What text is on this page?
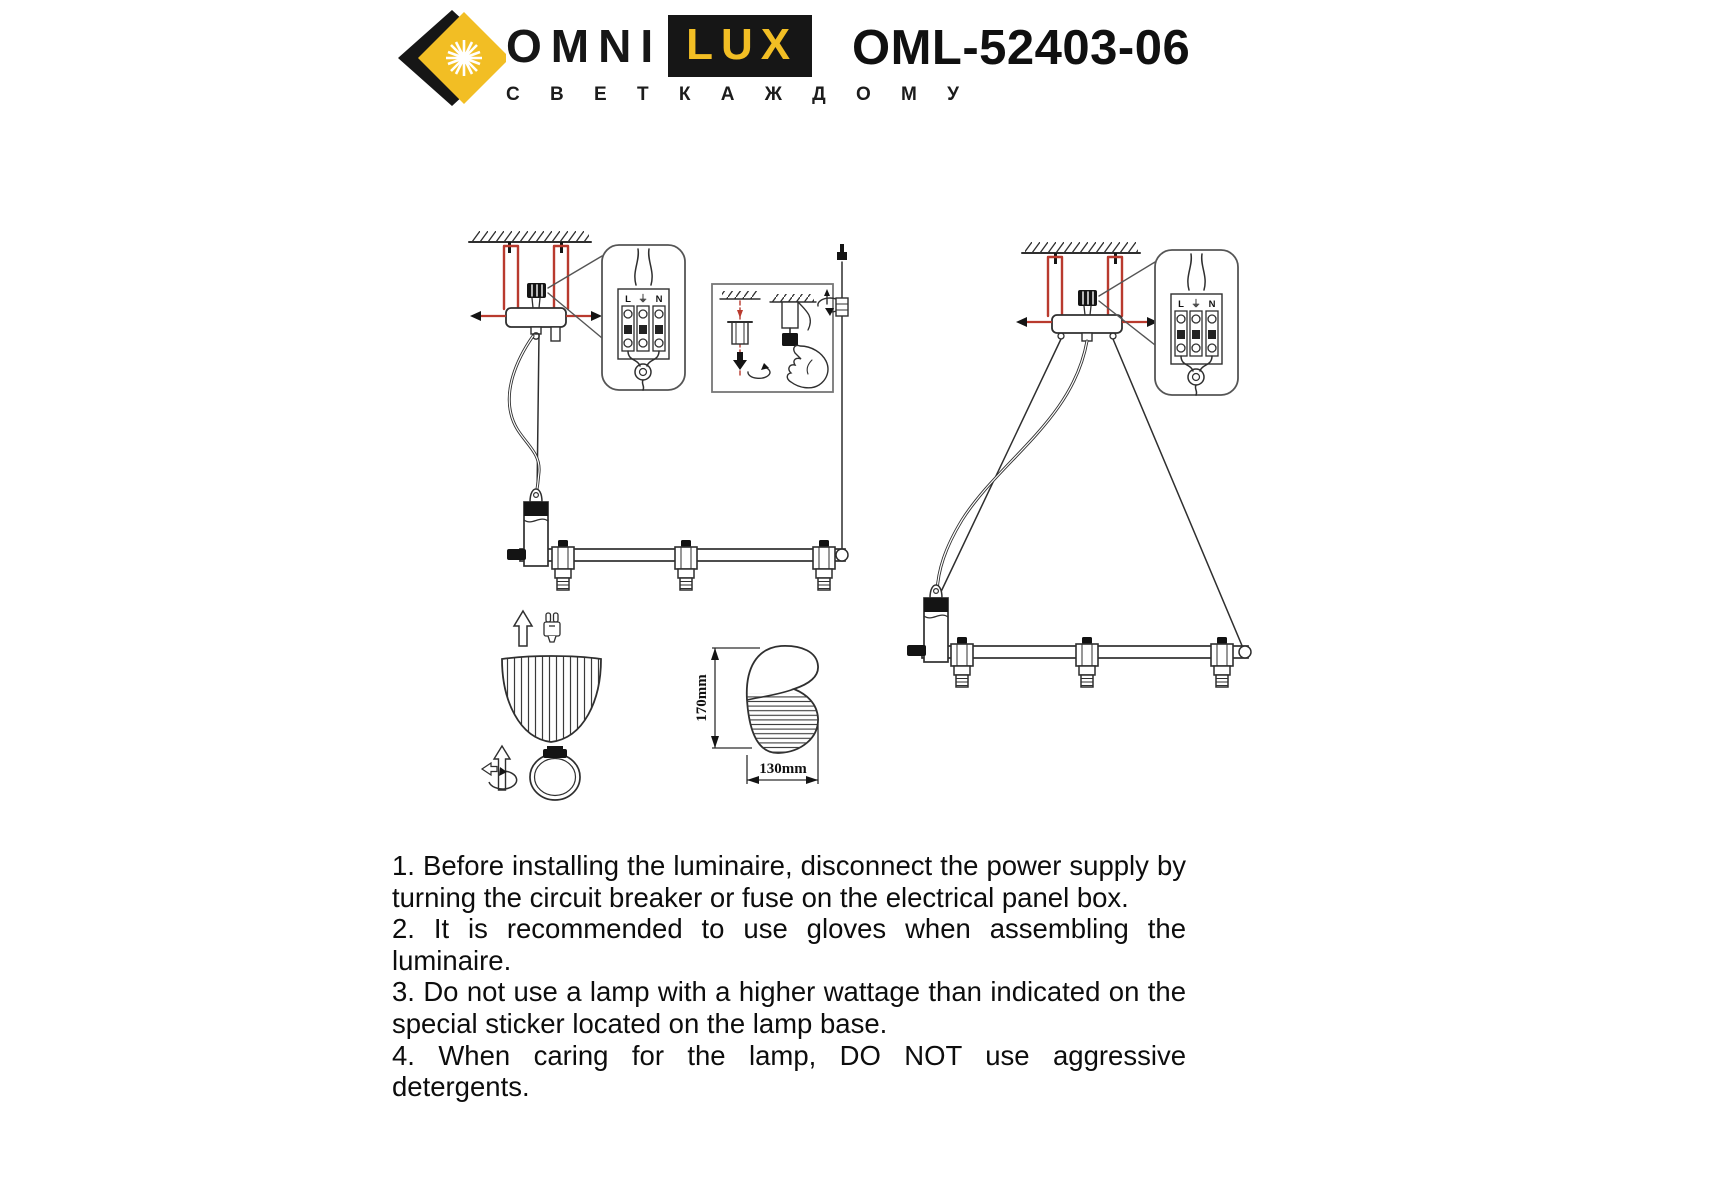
OMNI LUX
С В Е Т К А Ж Д О М У
OML-52403-06
L ⏚ N
170mm
130mm

1. Before installing the luminaire, disconnect the power supply by turning the circuit breaker or fuse on the electrical panel box.

2. It is recommended to use gloves when assembling the luminaire.

3. Do not use a lamp with a higher wattage than indicated on the special sticker located on the lamp base.

4. When caring for the lamp, DO NOT use aggressive detergents.
